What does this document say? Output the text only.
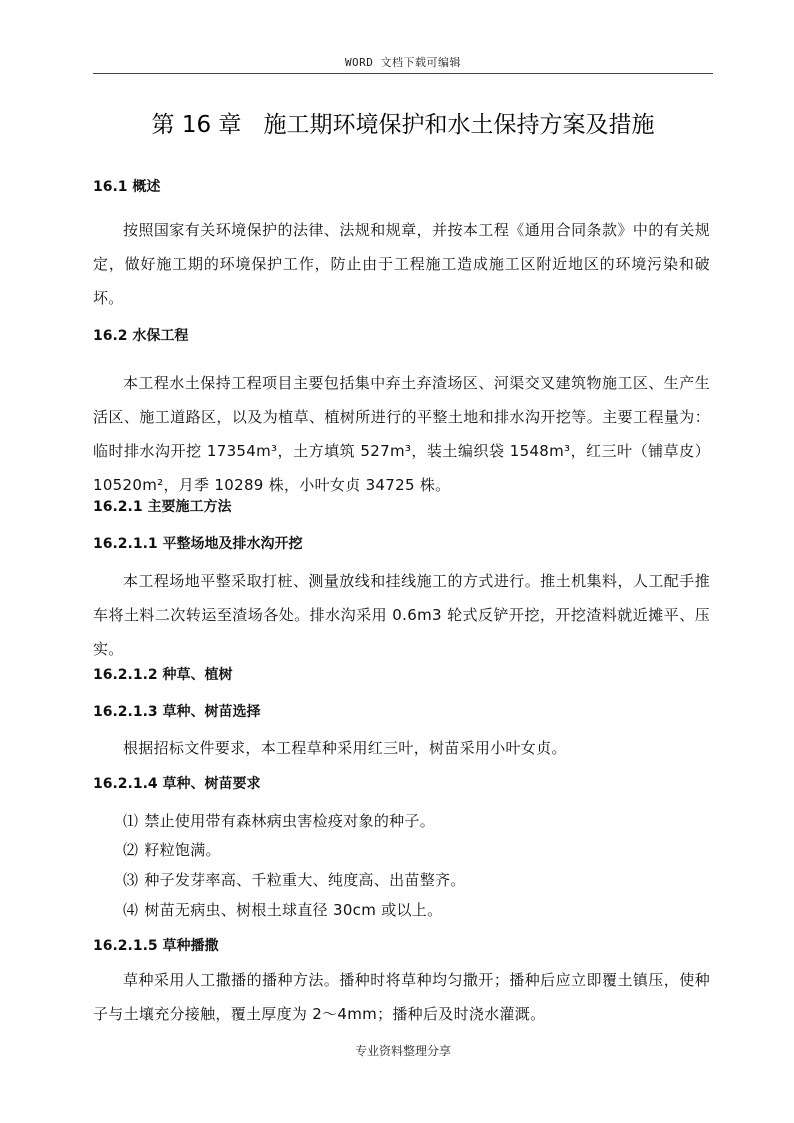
WORD 文档下载可编辑
第 16 章 施工期环境保护和水土保持方案及措施
16.1 概述
按照国家有关环境保护的法律、法规和规章，并按本工程《通用合同条款》中的有关规定，做好施工期的环境保护工作，防止由于工程施工造成施工区附近地区的环境污染和破坏。
16.2 水保工程
本工程水土保持工程项目主要包括集中弃土弃渣场区、河渠交叉建筑物施工区、生产生活区、施工道路区，以及为植草、植树所进行的平整土地和排水沟开挖等。主要工程量为：临时排水沟开挖 17354m³，土方填筑 527m³，装土编织袋 1548m³，红三叶（铺草皮）10520m²，月季 10289 株，小叶女贞 34725 株。
16.2.1 主要施工方法
16.2.1.1 平整场地及排水沟开挖
本工程场地平整采取打桩、测量放线和挂线施工的方式进行。推土机集料，人工配手推车将土料二次转运至渣场各处。排水沟采用 0.6m3 轮式反铲开挖，开挖渣料就近摊平、压实。
16.2.1.2 种草、植树
16.2.1.3 草种、树苗选择
根据招标文件要求，本工程草种采用红三叶，树苗采用小叶女贞。
16.2.1.4 草种、树苗要求
⑴ 禁止使用带有森林病虫害检疫对象的种子。
⑵ 籽粒饱满。
⑶ 种子发芽率高、千粒重大、纯度高、出苗整齐。
⑷ 树苗无病虫、树根土球直径 30cm 或以上。
16.2.1.5 草种播撒
草种采用人工撒播的播种方法。播种时将草种均匀撒开；播种后应立即覆土镇压，使种子与土壤充分接触，覆土厚度为 2～4mm；播种后及时浇水灌溉。
专业资料整理分享
